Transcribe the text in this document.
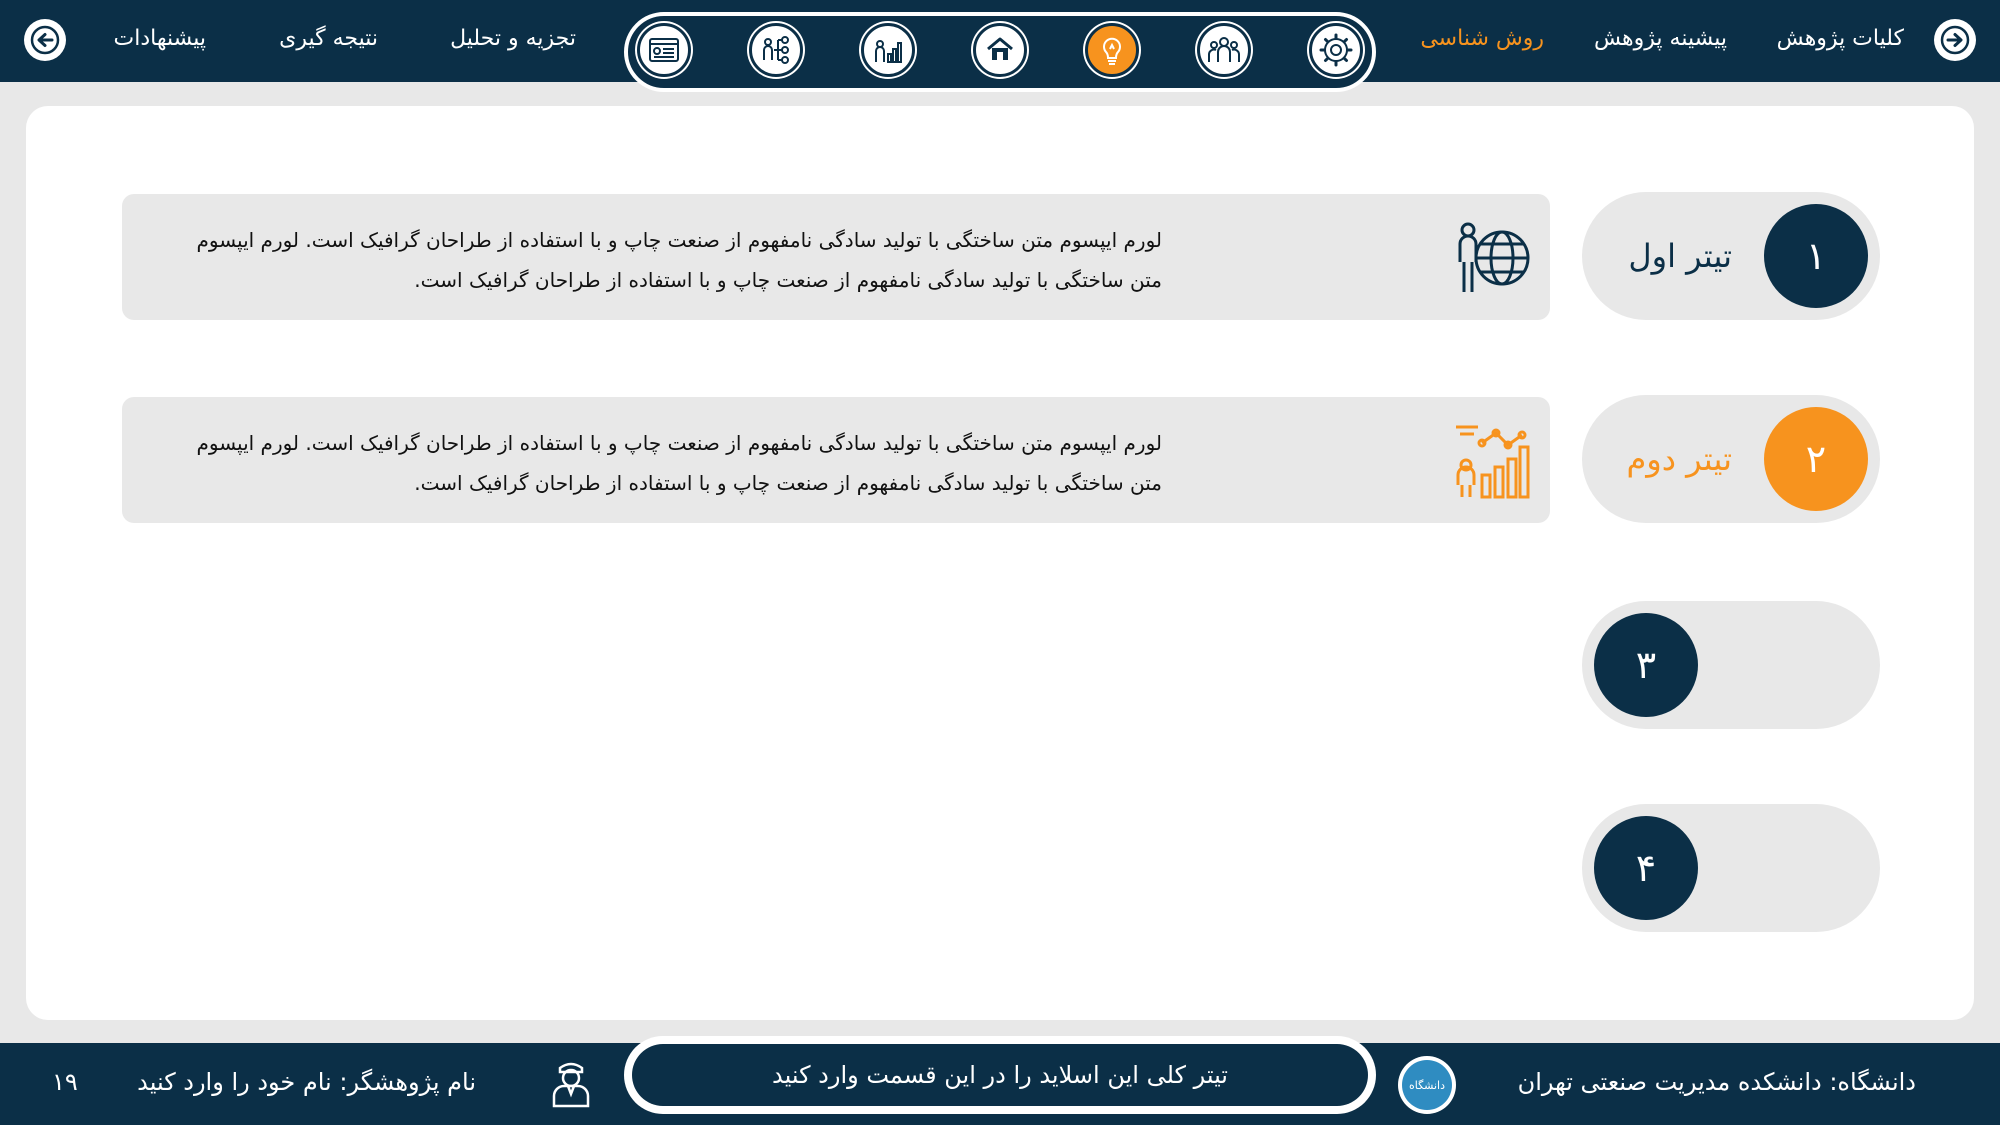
کلیات پژوهش
پیشینه پژوهش
روش شناسی
تجزیه و تحلیل
نتیجه گیری
پیشنهادات
لورم ایپسوم متن ساختگی با تولید سادگی نامفهوم از صنعت چاپ و با استفاده از طراحان گرافیک است. لورم ایپسوم متن ساختگی با تولید سادگی نامفهوم از صنعت چاپ و با استفاده از طراحان گرافیک است.
۱
تیتر اول
لورم ایپسوم متن ساختگی با تولید سادگی نامفهوم از صنعت چاپ و با استفاده از طراحان گرافیک است. لورم ایپسوم متن ساختگی با تولید سادگی نامفهوم از صنعت چاپ و با استفاده از طراحان گرافیک است.
۲
تیتر دوم
۳
۴
دانشگاه: دانشکده مدیریت صنعتی تهران
دانشگاه
تیتر کلی این اسلاید را در این قسمت وارد کنید
نام پژوهشگر: نام خود را وارد کنید
۱۹
